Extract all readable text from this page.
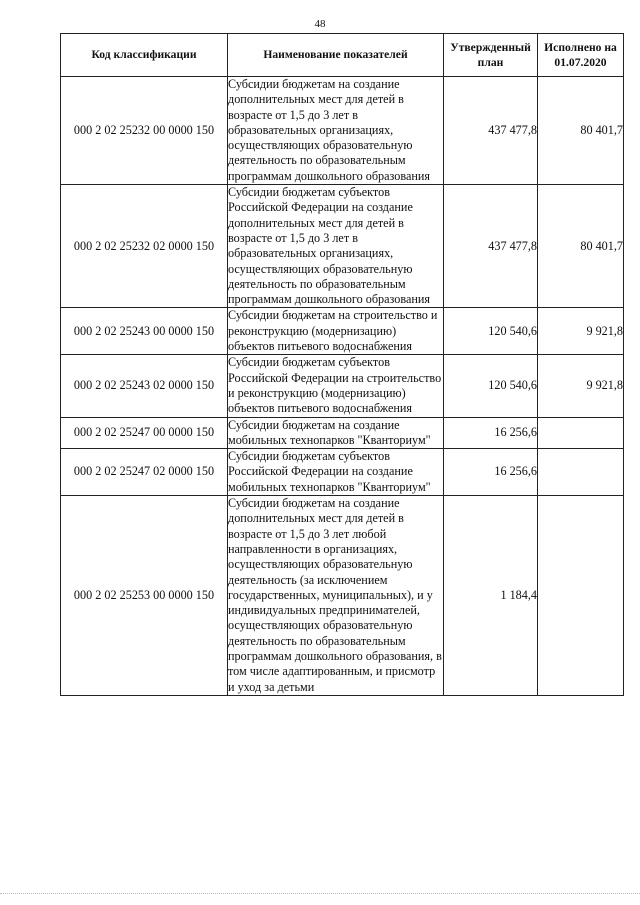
48
Код классификации	Наименование показателей	Утвержденный план	Исполнено на 01.07.2020
000 2 02 25232 00 0000 150	Субсидии бюджетам на создание дополнительных мест для детей в возрасте от 1,5 до 3 лет в образовательных организациях, осуществляющих образовательную деятельность по образовательным программам дошкольного образования	437 477,8	80 401,7
000 2 02 25232 02 0000 150	Субсидии бюджетам субъектов Российской Федерации на создание дополнительных мест для детей в возрасте от 1,5 до 3 лет в образовательных организациях, осуществляющих образовательную деятельность по образовательным программам дошкольного образования	437 477,8	80 401,7
000 2 02 25243 00 0000 150	Субсидии бюджетам на строительство и реконструкцию (модернизацию) объектов питьевого водоснабжения	120 540,6	9 921,8
000 2 02 25243 02 0000 150	Субсидии бюджетам субъектов Российской Федерации на строительство и реконструкцию (модернизацию) объектов питьевого водоснабжения	120 540,6	9 921,8
000 2 02 25247 00 0000 150	Субсидии бюджетам на создание мобильных технопарков "Кванториум"	16 256,6	
000 2 02 25247 02 0000 150	Субсидии бюджетам субъектов Российской Федерации на создание мобильных технопарков "Кванториум"	16 256,6	
000 2 02 25253 00 0000 150	Субсидии бюджетам на создание дополнительных мест для детей в возрасте от 1,5 до 3 лет любой направленности в организациях, осуществляющих образовательную деятельность (за исключением государственных, муниципальных), и у индивидуальных предпринимателей, осуществляющих образовательную деятельность по образовательным программам дошкольного образования, в том числе адаптированным, и присмотр и уход за детьми	1 184,4	
